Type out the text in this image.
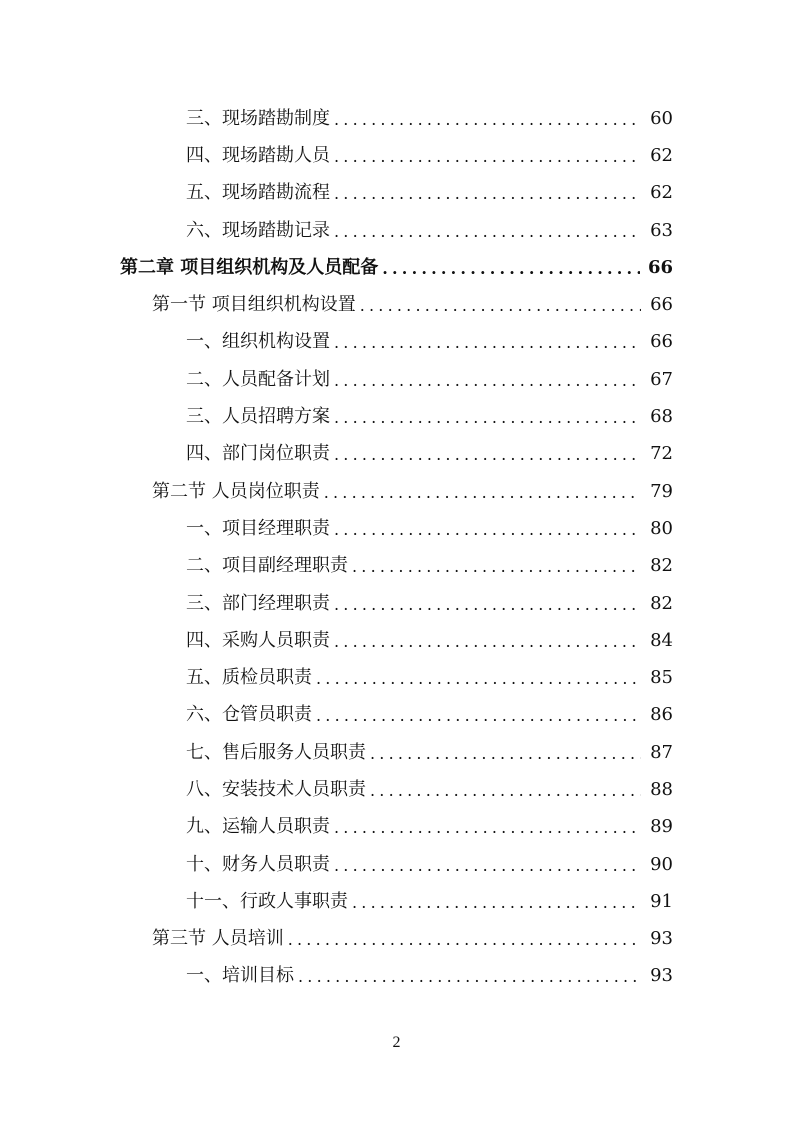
三、现场踏勘制度 .....	60
四、现场踏勘人员 .....	62
五、现场踏勘流程 .....	62
六、现场踏勘记录 .....	63
第二章 项目组织机构及人员配备 .....	66
第一节 项目组织机构设置 .....	66
一、组织机构设置 .....	66
二、人员配备计划 .....	67
三、人员招聘方案 .....	68
四、部门岗位职责 .....	72
第二节 人员岗位职责 .....	79
一、项目经理职责 .....	80
二、项目副经理职责 .....	82
三、部门经理职责 .....	82
四、采购人员职责 .....	84
五、质检员职责 .....	85
六、仓管员职责 .....	86
七、售后服务人员职责 .....	87
八、安装技术人员职责 .....	88
九、运输人员职责 .....	89
十、财务人员职责 .....	90
十一、行政人事职责 .....	91
第三节 人员培训 .....	93
一、培训目标 .....	93
2
